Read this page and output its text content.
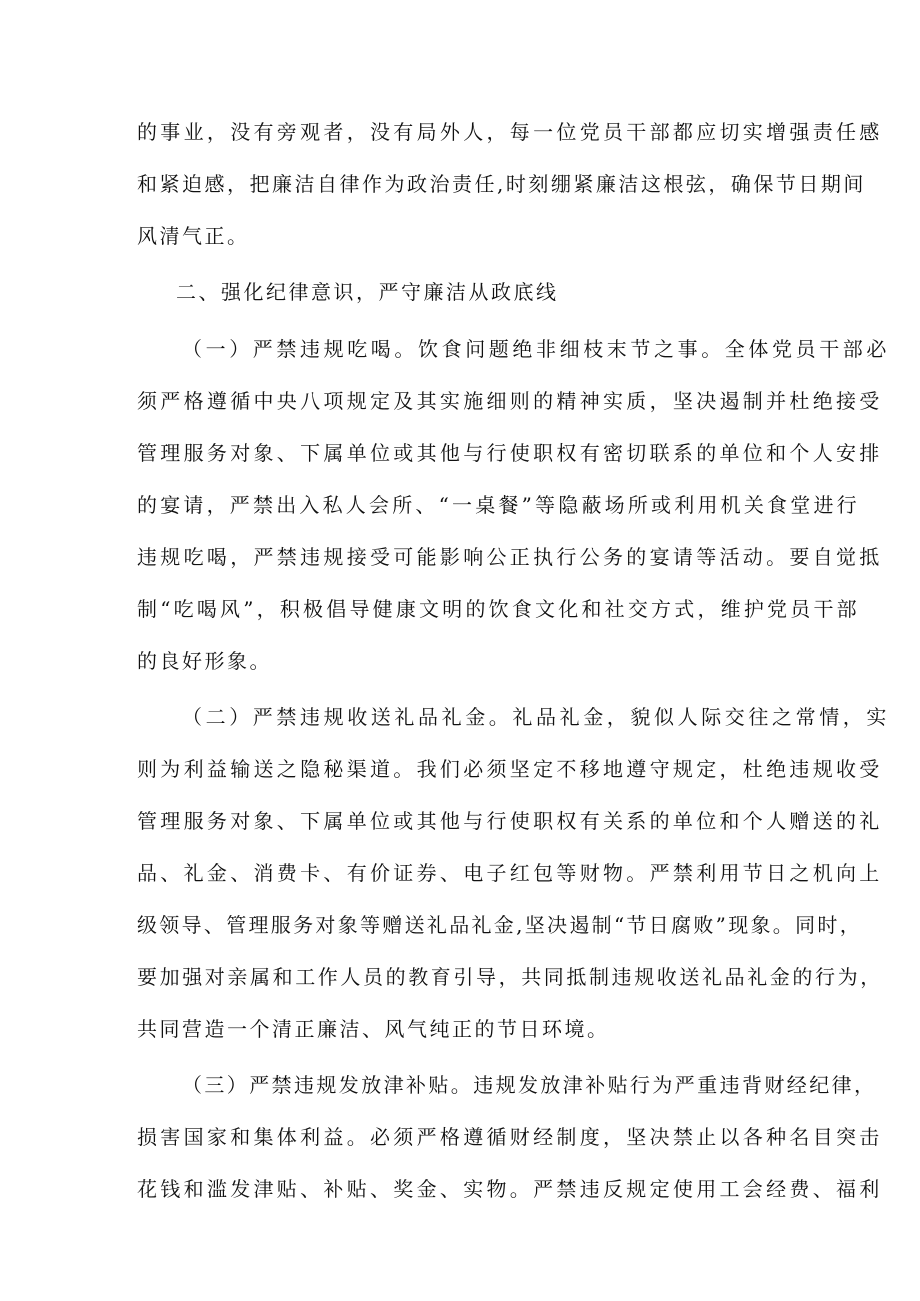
的事业，没有旁观者，没有局外人，每一位党员干部都应切实增强责任感

和紧迫感，把廉洁自律作为政治责任,时刻绷紧廉洁这根弦，确保节日期间

风清气正。

二、强化纪律意识，严守廉洁从政底线

（一）严禁违规吃喝。饮食问题绝非细枝末节之事。全体党员干部必

须严格遵循中央八项规定及其实施细则的精神实质，坚决遏制并杜绝接受

管理服务对象、下属单位或其他与行使职权有密切联系的单位和个人安排

的宴请，严禁出入私人会所、“一桌餐”等隐蔽场所或利用机关食堂进行

违规吃喝，严禁违规接受可能影响公正执行公务的宴请等活动。要自觉抵

制“吃喝风”，积极倡导健康文明的饮食文化和社交方式，维护党员干部

的良好形象。

（二）严禁违规收送礼品礼金。礼品礼金，貌似人际交往之常情，实

则为利益输送之隐秘渠道。我们必须坚定不移地遵守规定，杜绝违规收受

管理服务对象、下属单位或其他与行使职权有关系的单位和个人赠送的礼

品、礼金、消费卡、有价证券、电子红包等财物。严禁利用节日之机向上

级领导、管理服务对象等赠送礼品礼金,坚决遏制“节日腐败”现象。同时，

要加强对亲属和工作人员的教育引导，共同抵制违规收送礼品礼金的行为，

共同营造一个清正廉洁、风气纯正的节日环境。

（三）严禁违规发放津补贴。违规发放津补贴行为严重违背财经纪律，

损害国家和集体利益。必须严格遵循财经制度，坚决禁止以各种名目突击

花钱和滥发津贴、补贴、奖金、实物。严禁违反规定使用工会经费、福利
